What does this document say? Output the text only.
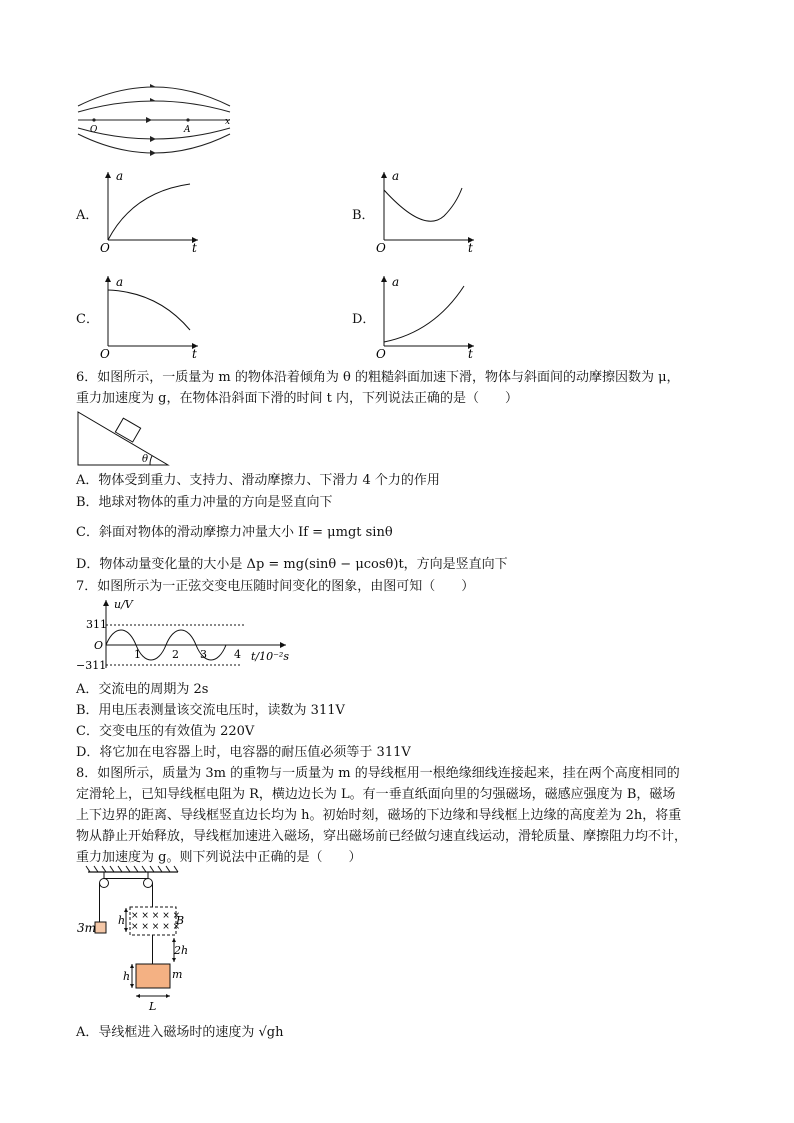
O	A
x
A．
a
t
O
B．
a
t
O
C．
a
t
O
D．
a
t
O
6．如图所示，一质量为 m 的物体沿着倾角为 θ 的粗糙斜面加速下滑，物体与斜面间的动摩擦因数为 μ，
重力加速度为 g，在物体沿斜面下滑的时间 t 内，下列说法正确的是（　　）
θ
A．物体受到重力、支持力、滑动摩擦力、下滑力 4 个力的作用
B．地球对物体的重力冲量的方向是竖直向下
C．斜面对物体的滑动摩擦力冲量大小 If = μmgt sinθ
D．物体动量变化量的大小是 Δp = mg(sinθ − μcosθ)t，方向是竖直向下
7．如图所示为一正弦交变电压随时间变化的图象，由图可知（　　）
u/V
311
−311
O
1	2 3 4 t/10⁻²s
A．交流电的周期为 2s
B．用电压表测量该交流电压时，读数为 311V
C．交变电压的有效值为 220V
D．将它加在电容器上时，电容器的耐压值必须等于 311V
8．如图所示，质量为 3m 的重物与一质量为 m 的导线框用一根绝缘细线连接起来，挂在两个高度相同的
定滑轮上，已知导线框电阻为 R，横边边长为 L。有一垂直纸面向里的匀强磁场，磁感应强度为 B，磁场
上下边界的距离、导线框竖直边长均为 h。初始时刻，磁场的下边缘和导线框上边缘的高度差为 2h，将重
物从静止开始释放，导线框加速进入磁场，穿出磁场前已经做匀速直线运动，滑轮质量、摩擦阻力均不计，
重力加速度为 g。则下列说法中正确的是（　　）
3m
h × × × × ×
× × × × ×
B
2h
h	m
L
A．导线框进入磁场时的速度为 √gh
